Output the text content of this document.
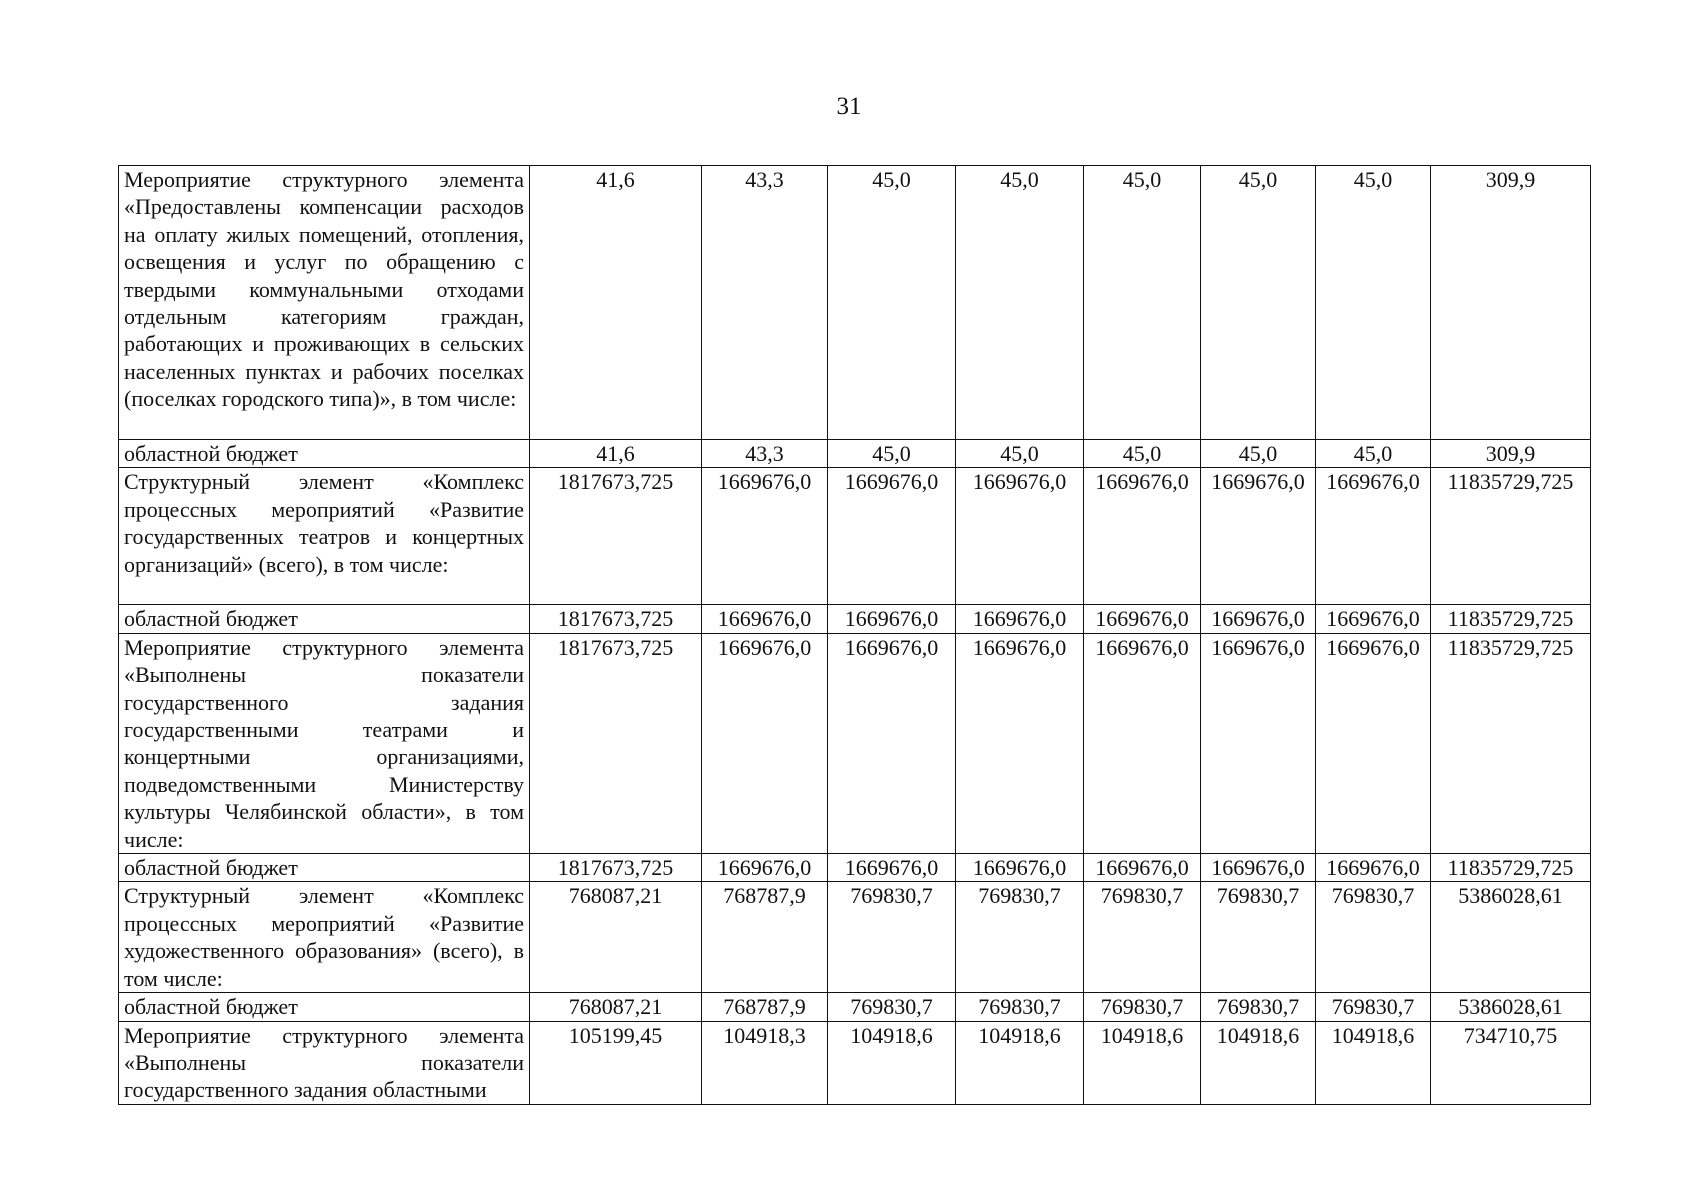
31
Мероприятие структурного элемента «Предоставлены компенсации расходов на оплату жилых помещений, отопления, освещения и услуг по обращению с твердыми коммунальными отходами отдельным категориям граждан, работающих и проживающих в сельских населенных пунктах и рабочих поселках (поселках городского типа)», в том числе:	41,6	43,3	45,0	45,0	45,0	45,0	45,0	309,9
областной бюджет	41,6	43,3	45,0	45,0	45,0	45,0	45,0	309,9
Структурный элемент «Комплекс процессных мероприятий «Развитие государственных театров и концертных организаций» (всего), в том числе:	1817673,725	1669676,0	1669676,0	1669676,0	1669676,0	1669676,0	1669676,0	11835729,725
областной бюджет	1817673,725	1669676,0	1669676,0	1669676,0	1669676,0	1669676,0	1669676,0	11835729,725
Мероприятие структурного элемента «Выполнены показатели государственного задания государственными театрами и концертными организациями, подведомственными Министерству культуры Челябинской области», в том числе:	1817673,725	1669676,0	1669676,0	1669676,0	1669676,0	1669676,0	1669676,0	11835729,725
областной бюджет	1817673,725	1669676,0	1669676,0	1669676,0	1669676,0	1669676,0	1669676,0	11835729,725
Структурный элемент «Комплекс процессных мероприятий «Развитие художественного образования» (всего), в том числе:	768087,21	768787,9	769830,7	769830,7	769830,7	769830,7	769830,7	5386028,61
областной бюджет	768087,21	768787,9	769830,7	769830,7	769830,7	769830,7	769830,7	5386028,61
Мероприятие структурного элемента «Выполнены показатели государственного задания областными	105199,45	104918,3	104918,6	104918,6	104918,6	104918,6	104918,6	734710,75
